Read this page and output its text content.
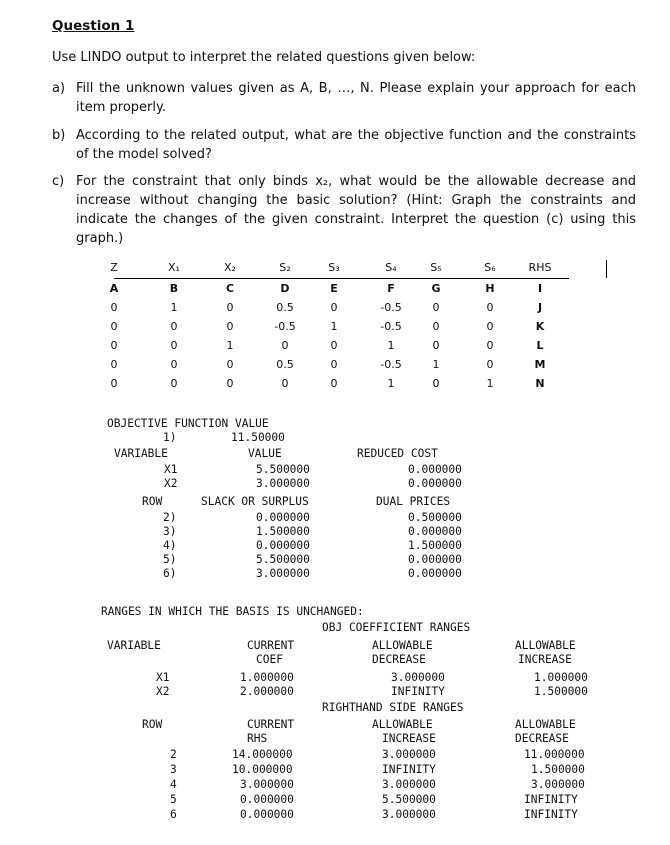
Question 1
Use LINDO output to interpret the related questions given below:
a) Fill the unknown values given as A, B, …, N. Please explain your approach for each item properly.
b) According to the related output, what are the objective function and the constraints of the model solved?
c) For the constraint that only binds x₂, what would be the allowable decrease and increase without changing the basic solution? (Hint: Graph the constraints and indicate the changes of the given constraint. Interpret the question (c) using this graph.)
Z	X₁	X₂	S₂	S₃	S₄	S₅	S₆	RHS
A	B	C	D	E	F	G	H	I
0	1	0	0.5	0	-0.5	0	0	J
0	0	0	-0.5	1	-0.5	0	0	K
0	0	1	0	0	1	0	0	L
0	0	0	0.5	0	-0.5	1	0	M
0	0	0	0	0	1	0	1	N
OBJECTIVE FUNCTION VALUE
1)	11.50000
VARIABLE	VALUE	REDUCED COST
X1	5.500000	0.000000
X2	3.000000	0.000000
ROW	SLACK OR SURPLUS	DUAL PRICES
2)	0.000000	0.500000
3)	1.500000	0.000000
4)	0.000000	1.500000
5)	5.500000	0.000000
6)	3.000000	0.000000
RANGES IN WHICH THE BASIS IS UNCHANGED:
OBJ COEFFICIENT RANGES
VARIABLE	CURRENT	ALLOWABLE	ALLOWABLE
COEF	DECREASE	INCREASE
X1	1.000000	3.000000	1.000000
X2	2.000000	INFINITY	1.500000
RIGHTHAND SIDE RANGES
ROW	CURRENT	ALLOWABLE	ALLOWABLE
RHS	INCREASE	DECREASE
2	14.000000	3.000000	11.000000
3	10.000000	INFINITY	1.500000
4	3.000000	3.000000	3.000000
5	0.000000	5.500000	INFINITY
6	0.000000	3.000000	INFINITY
